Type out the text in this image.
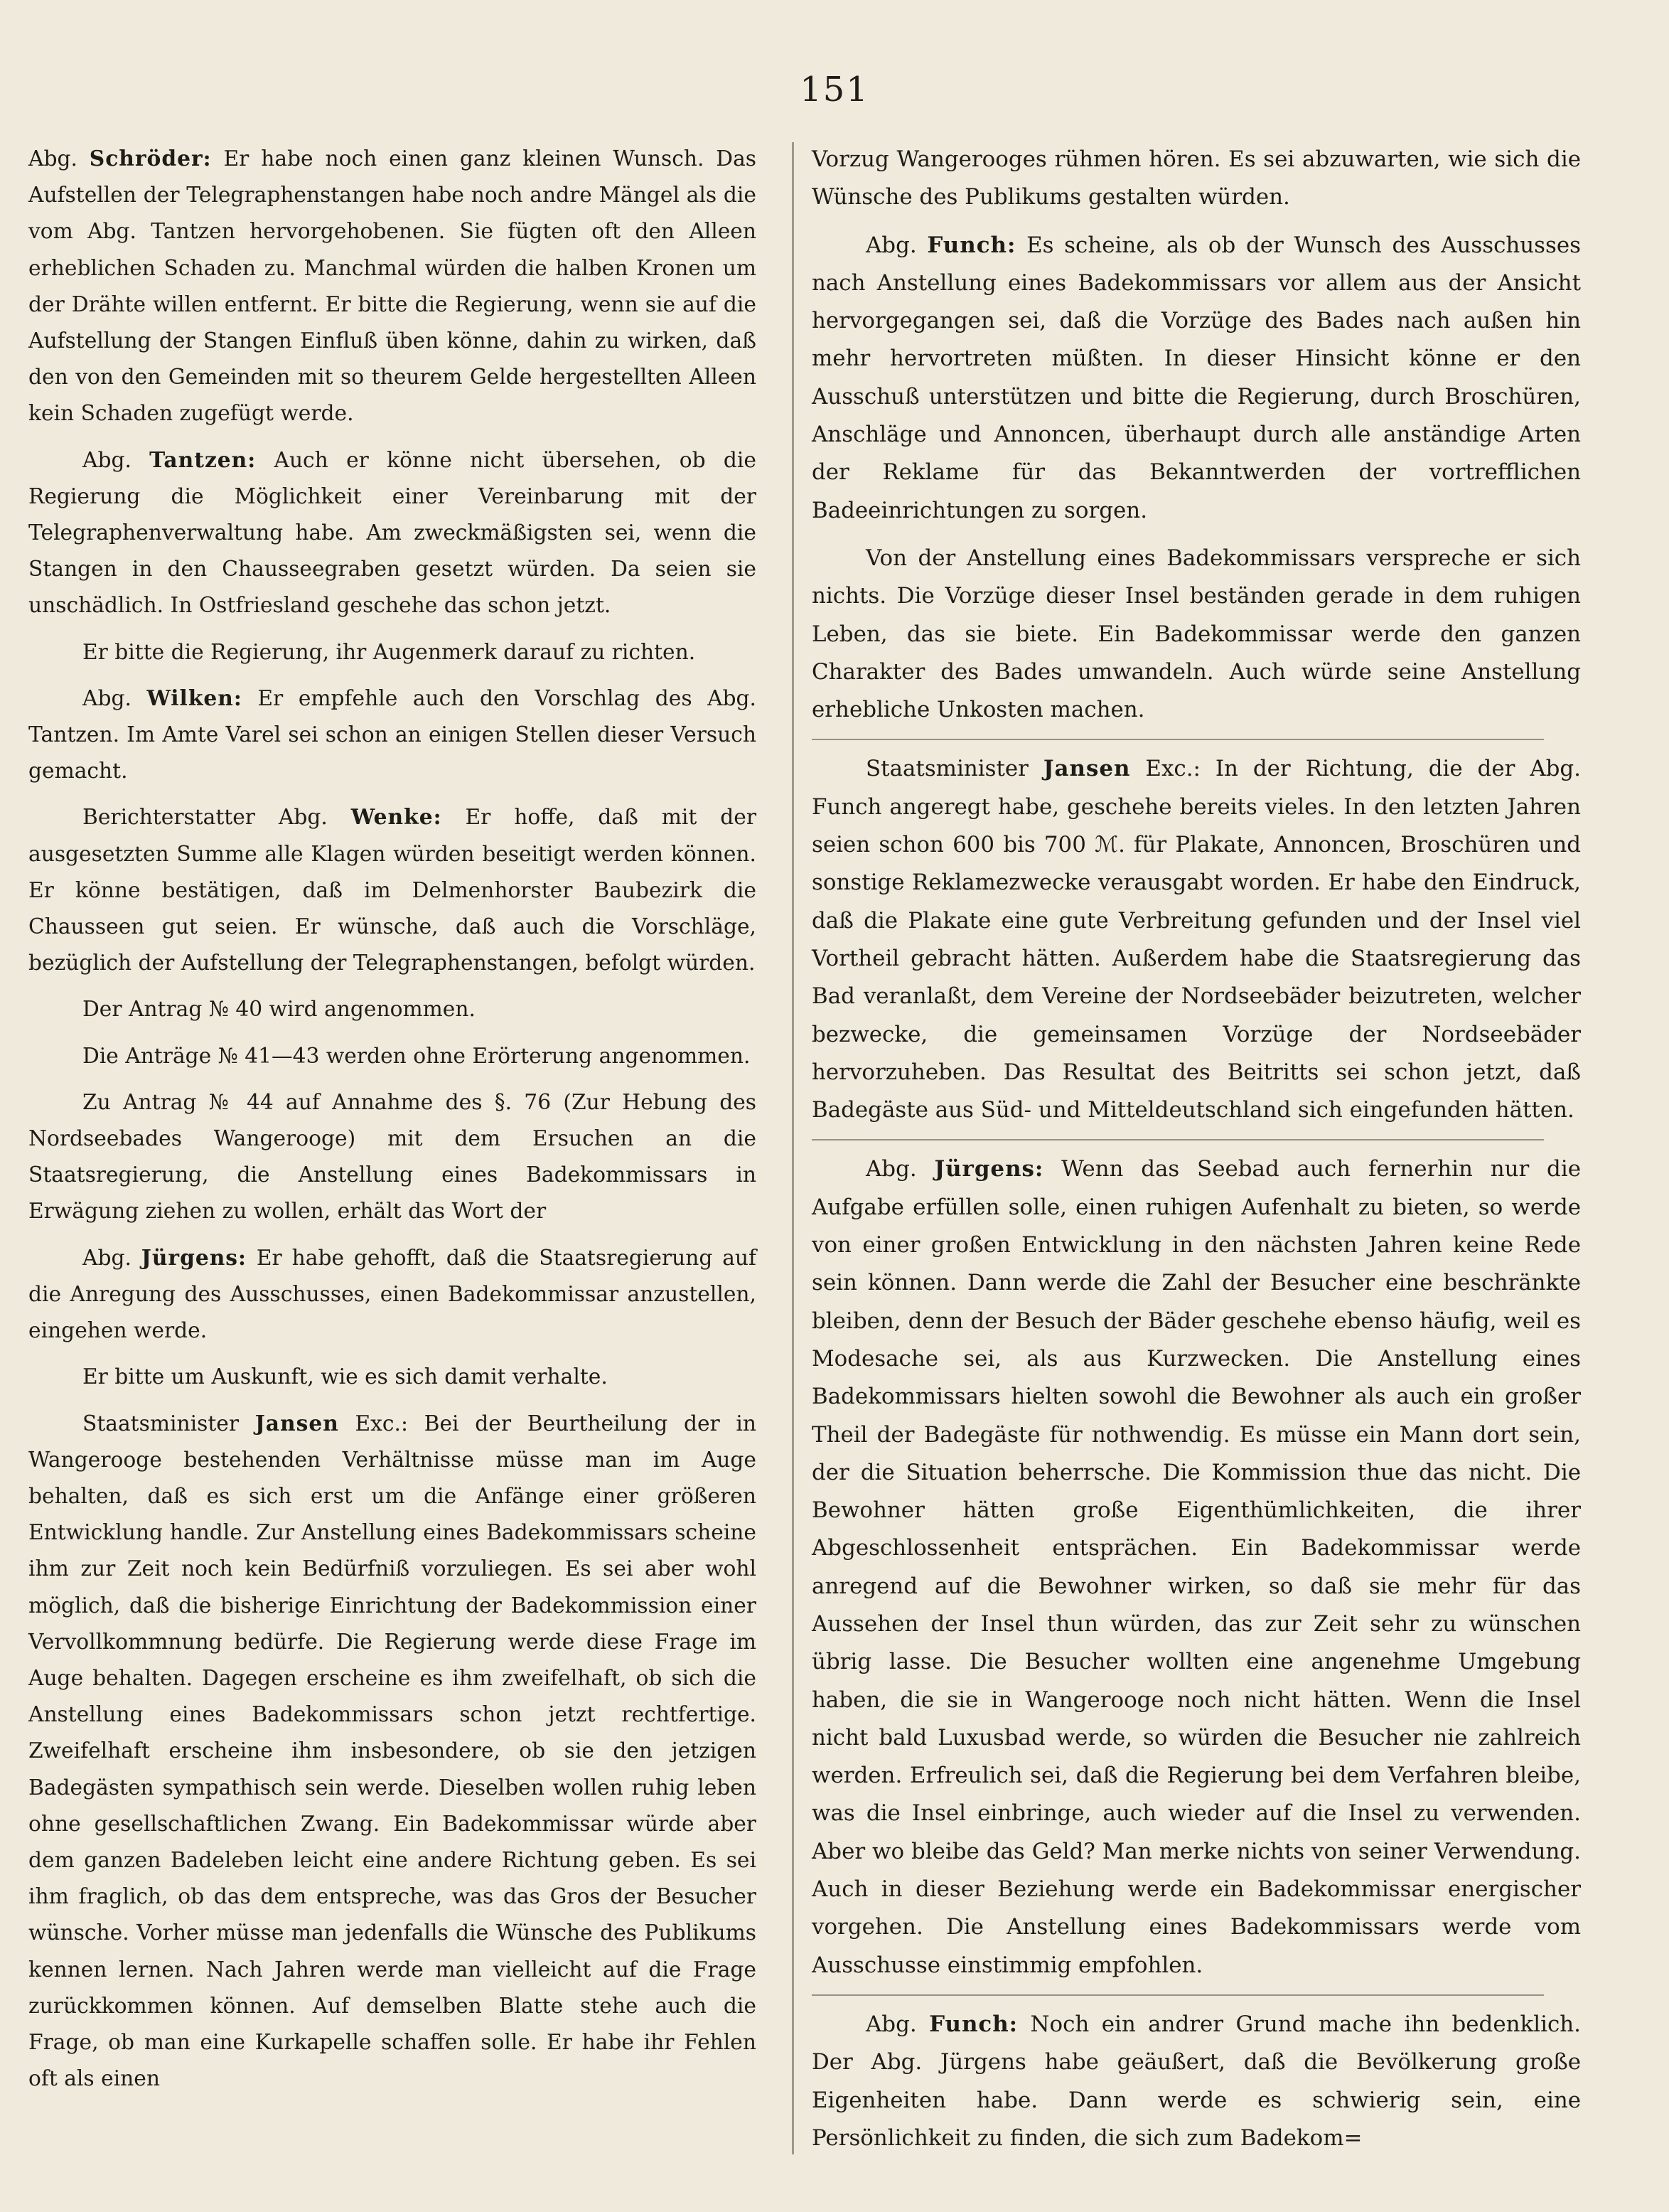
151

Abg. Schröder: Er habe noch einen ganz kleinen Wunsch. Das Aufstellen der Telegraphenstangen habe noch andre Mängel als die vom Abg. Tantzen hervorgehobenen. Sie fügten oft den Alleen erheblichen Schaden zu. Manchmal würden die halben Kronen um der Drähte willen entfernt. Er bitte die Regierung, wenn sie auf die Aufstellung der Stangen Einfluß üben könne, dahin zu wirken, daß den von den Gemeinden mit so theurem Gelde hergestellten Alleen kein Schaden zugefügt werde.

Abg. Tantzen: Auch er könne nicht übersehen, ob die Regierung die Möglichkeit einer Vereinbarung mit der Telegraphenverwaltung habe. Am zweckmäßigsten sei, wenn die Stangen in den Chausseegraben gesetzt würden. Da seien sie unschädlich. In Ostfriesland geschehe das schon jetzt.

Er bitte die Regierung, ihr Augenmerk darauf zu richten.

Abg. Wilken: Er empfehle auch den Vorschlag des Abg. Tantzen. Im Amte Varel sei schon an einigen Stellen dieser Versuch gemacht.

Berichterstatter Abg. Wenke: Er hoffe, daß mit der ausgesetzten Summe alle Klagen würden beseitigt werden können. Er könne bestätigen, daß im Delmenhorster Baubezirk die Chausseen gut seien. Er wünsche, daß auch die Vorschläge, bezüglich der Aufstellung der Telegraphenstangen, befolgt würden.

Der Antrag № 40 wird angenommen.

Die Anträge № 41—43 werden ohne Erörterung angenommen.

Zu Antrag № 44 auf Annahme des §. 76 (Zur Hebung des Nordseebades Wangerooge) mit dem Ersuchen an die Staatsregierung, die Anstellung eines Badekommissars in Erwägung ziehen zu wollen, erhält das Wort der

Abg. Jürgens: Er habe gehofft, daß die Staatsregierung auf die Anregung des Ausschusses, einen Badekommissar anzustellen, eingehen werde.

Er bitte um Auskunft, wie es sich damit verhalte.

Staatsminister Jansen Exc.: Bei der Beurtheilung der in Wangerooge bestehenden Verhältnisse müsse man im Auge behalten, daß es sich erst um die Anfänge einer größeren Entwicklung handle. Zur Anstellung eines Badekommissars scheine ihm zur Zeit noch kein Bedürfniß vorzuliegen. Es sei aber wohl möglich, daß die bisherige Einrichtung der Badekommission einer Vervollkommnung bedürfe. Die Regierung werde diese Frage im Auge behalten. Dagegen erscheine es ihm zweifelhaft, ob sich die Anstellung eines Badekommissars schon jetzt rechtfertige. Zweifelhaft erscheine ihm insbesondere, ob sie den jetzigen Badegästen sympathisch sein werde. Dieselben wollen ruhig leben ohne gesellschaftlichen Zwang. Ein Badekommissar würde aber dem ganzen Badeleben leicht eine andere Richtung geben. Es sei ihm fraglich, ob das dem entspreche, was das Gros der Besucher wünsche. Vorher müsse man jedenfalls die Wünsche des Publikums kennen lernen. Nach Jahren werde man vielleicht auf die Frage zurückkommen können. Auf demselben Blatte stehe auch die Frage, ob man eine Kurkapelle schaffen solle. Er habe ihr Fehlen oft als einen

Vorzug Wangerooges rühmen hören. Es sei abzuwarten, wie sich die Wünsche des Publikums gestalten würden.

Abg. Funch: Es scheine, als ob der Wunsch des Ausschusses nach Anstellung eines Badekommissars vor allem aus der Ansicht hervorgegangen sei, daß die Vorzüge des Bades nach außen hin mehr hervortreten müßten. In dieser Hinsicht könne er den Ausschuß unterstützen und bitte die Regierung, durch Broschüren, Anschläge und Annoncen, überhaupt durch alle anständige Arten der Reklame für das Bekanntwerden der vortrefflichen Badeeinrichtungen zu sorgen.

Von der Anstellung eines Badekommissars verspreche er sich nichts. Die Vorzüge dieser Insel beständen gerade in dem ruhigen Leben, das sie biete. Ein Badekommissar werde den ganzen Charakter des Bades umwandeln. Auch würde seine Anstellung erhebliche Unkosten machen.

Staatsminister Jansen Exc.: In der Richtung, die der Abg. Funch angeregt habe, geschehe bereits vieles. In den letzten Jahren seien schon 600 bis 700 ℳ. für Plakate, Annoncen, Broschüren und sonstige Reklamezwecke verausgabt worden. Er habe den Eindruck, daß die Plakate eine gute Verbreitung gefunden und der Insel viel Vortheil gebracht hätten. Außerdem habe die Staatsregierung das Bad veranlaßt, dem Vereine der Nordseebäder beizutreten, welcher bezwecke, die gemeinsamen Vorzüge der Nordseebäder hervorzuheben. Das Resultat des Beitritts sei schon jetzt, daß Badegäste aus Süd- und Mitteldeutschland sich eingefunden hätten.

Abg. Jürgens: Wenn das Seebad auch fernerhin nur die Aufgabe erfüllen solle, einen ruhigen Aufenhalt zu bieten, so werde von einer großen Entwicklung in den nächsten Jahren keine Rede sein können. Dann werde die Zahl der Besucher eine beschränkte bleiben, denn der Besuch der Bäder geschehe ebenso häufig, weil es Modesache sei, als aus Kurzwecken. Die Anstellung eines Badekommissars hielten sowohl die Bewohner als auch ein großer Theil der Badegäste für nothwendig. Es müsse ein Mann dort sein, der die Situation beherrsche. Die Kommission thue das nicht. Die Bewohner hätten große Eigenthümlichkeiten, die ihrer Abgeschlossenheit entsprächen. Ein Badekommissar werde anregend auf die Bewohner wirken, so daß sie mehr für das Aussehen der Insel thun würden, das zur Zeit sehr zu wünschen übrig lasse. Die Besucher wollten eine angenehme Umgebung haben, die sie in Wangerooge noch nicht hätten. Wenn die Insel nicht bald Luxusbad werde, so würden die Besucher nie zahlreich werden. Erfreulich sei, daß die Regierung bei dem Verfahren bleibe, was die Insel einbringe, auch wieder auf die Insel zu verwenden. Aber wo bleibe das Geld? Man merke nichts von seiner Verwendung. Auch in dieser Beziehung werde ein Badekommissar energischer vorgehen. Die Anstellung eines Badekommissars werde vom Ausschusse einstimmig empfohlen.

Abg. Funch: Noch ein andrer Grund mache ihn bedenklich. Der Abg. Jürgens habe geäußert, daß die Bevölkerung große Eigenheiten habe. Dann werde es schwierig sein, eine Persönlichkeit zu finden, die sich zum Badekom=
